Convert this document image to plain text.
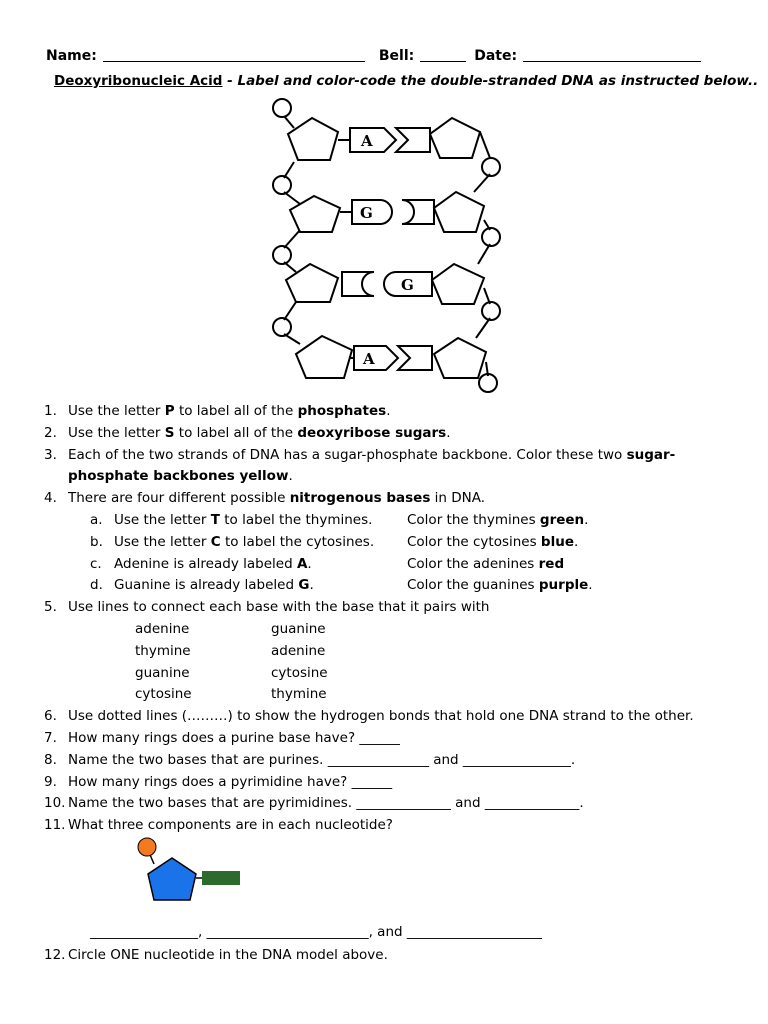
Name:	Bell:	Date:
Deoxyribonucleic Acid - Label and color-code the double-stranded DNA as instructed below..
A
G
G
A
1. Use the letter P to label all of the phosphates.
2. Use the letter S to label all of the deoxyribose sugars.
3. Each of the two strands of DNA has a sugar-phosphate backbone. Color these two sugar-phosphate backbones yellow.
4. There are four different possible nitrogenous bases in DNA.
a. Use the letter T to label the thymines.	Color the thymines green.
b. Use the letter C to label the cytosines. Color the cytosines blue.
c. Adenine is already labeled A.	Color the adenines red
d. Guanine is already labeled G.	Color the guanines purple.
5. Use lines to connect each base with the base that it pairs with
adenine	guanine
thymine	adenine
guanine	cytosine
cytosine	thymine
6. Use dotted lines (………) to show the hydrogen bonds that hold one DNA strand to the other.
7. How many rings does a purine base have? ______
8. Name the two bases that are purines. _______________ and ________________.
9. How many rings does a pyrimidine have? ______
10. Name the two bases that are pyrimidines. ______________ and ______________.
11. What three components are in each nucleotide?
________________, ________________________, and ____________________
12. Circle ONE nucleotide in the DNA model above.
